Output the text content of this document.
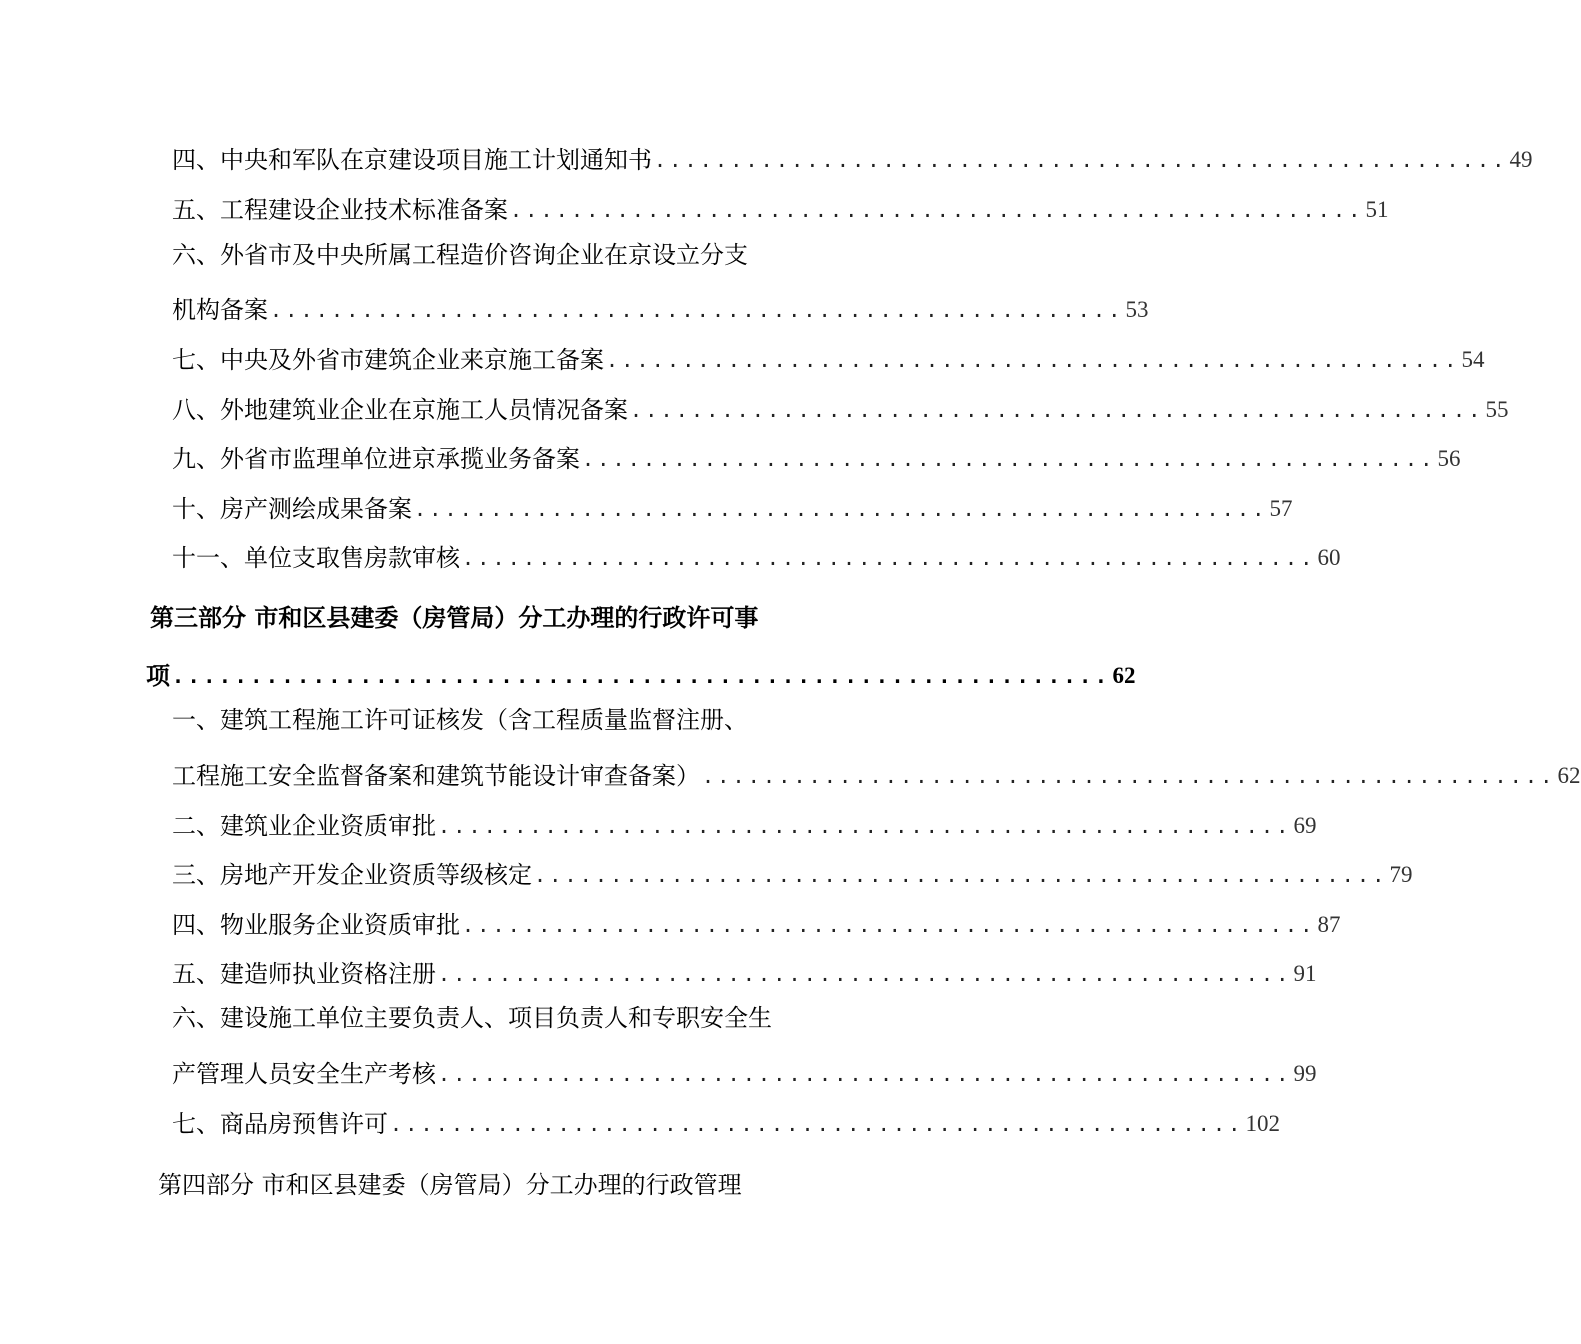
四、中央和军队在京建设项目施工计划通知书 ........................................................ 49
五、工程建设企业技术标准备案 ........................................................ 51
六、外省市及中央所属工程造价咨询企业在京设立分支
机构备案 ........................................................ 53
七、中央及外省市建筑企业来京施工备案 ........................................................ 54
八、外地建筑业企业在京施工人员情况备案 ........................................................ 55
九、外省市监理单位进京承揽业务备案 ........................................................ 56
十、房产测绘成果备案 ........................................................ 57
十一、单位支取售房款审核 ........................................................ 60
第三部分 市和区县建委（房管局）分工办理的行政许可事
项 ............................................................ 62
一、建筑工程施工许可证核发（含工程质量监督注册、
工程施工安全监督备案和建筑节能设计审查备案） ........................................................ 62
二、建筑业企业资质审批 ........................................................ 69
三、房地产开发企业资质等级核定 ........................................................ 79
四、物业服务企业资质审批 ........................................................ 87
五、建造师执业资格注册 ........................................................ 91
六、建设施工单位主要负责人、项目负责人和专职安全生
产管理人员安全生产考核 ........................................................ 99
七、商品房预售许可 ........................................................ 102
第四部分 市和区县建委（房管局）分工办理的行政管理
